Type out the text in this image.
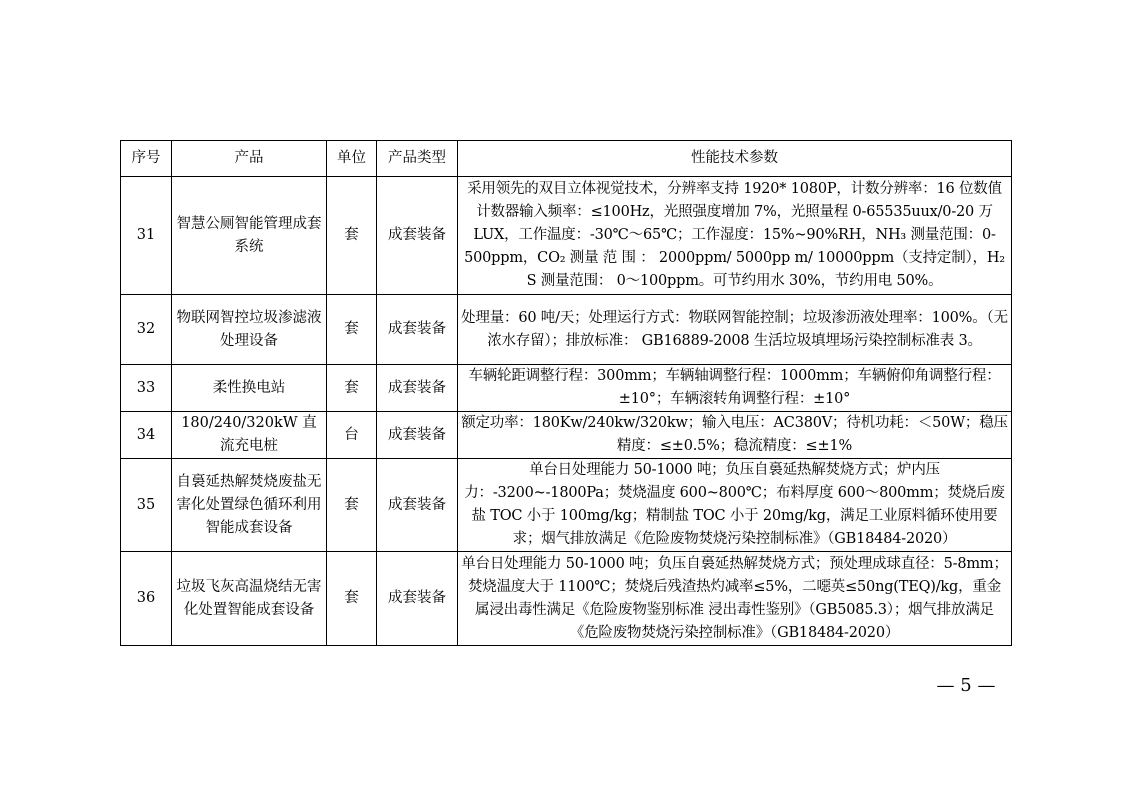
序号	产品	单位	产品类型	性能技术参数
31	智慧公厕智能管理成套系统	套	成套装备	采用领先的双目立体视觉技术，分辨率支持 1920* 1080P，计数分辨率：16 位数值计数器输入频率：≤100Hz，光照强度增加 7%，光照量程 0-65535uux/0-20 万 LUX，工作温度：-30℃～65℃；工作湿度：15%~90%RH，NH₃ 测量范围：0-500ppm，CO₂ 测量 范 围 ： 2000ppm/ 5000pp m/ 10000ppm（支持定制），H₂ S 测量范围： 0～100ppm。可节约用水 30%，节约用电 50%。
32	物联网智控垃圾渗滤液处理设备	套	成套装备	处理量：60 吨/天；处理运行方式：物联网智能控制；垃圾渗沥液处理率：100%。（无浓水存留）；排放标准： GB16889-2008 生活垃圾填埋场污染控制标准表 3。
33	柔性换电站	套	成套装备	车辆轮距调整行程：300mm；车辆轴调整行程：1000mm；车辆俯仰角调整行程：±10°；车辆滚转角调整行程：±10°
34	180/240/320kW 直流充电桩	台	成套装备	额定功率：180Kw/240kw/320kw；输入电压：AC380V；待机功耗：＜50W；稳压精度：≤±0.5%；稳流精度：≤±1%
35	自裛延热解焚烧废盐无害化处置绿色循环利用智能成套设备	套	成套装备	单台日处理能力 50-1000 吨；负压自裛延热解焚烧方式；炉内压力：-3200~-1800Pa；焚烧温度 600~800℃；布料厚度 600～800mm；焚烧后废盐 TOC 小于 100mg/kg；精制盐 TOC 小于 20mg/kg，满足工业原料循环使用要求；烟气排放满足《危险废物焚烧污染控制标准》（GB18484-2020）
36	垃圾飞灰高温烧结无害化处置智能成套设备	套	成套装备	单台日处理能力 50-1000 吨；负压自裛延热解焚烧方式；预处理成球直径：5-8mm；焚烧温度大于 1100℃；焚烧后残渣热灼减率≤5%，二噁英≤50ng(TEQ)/kg，重金属浸出毒性满足《危险废物鉴别标准 浸出毒性鉴别》（GB5085.3）；烟气排放满足《危险废物焚烧污染控制标准》（GB18484-2020）
— 5 —
